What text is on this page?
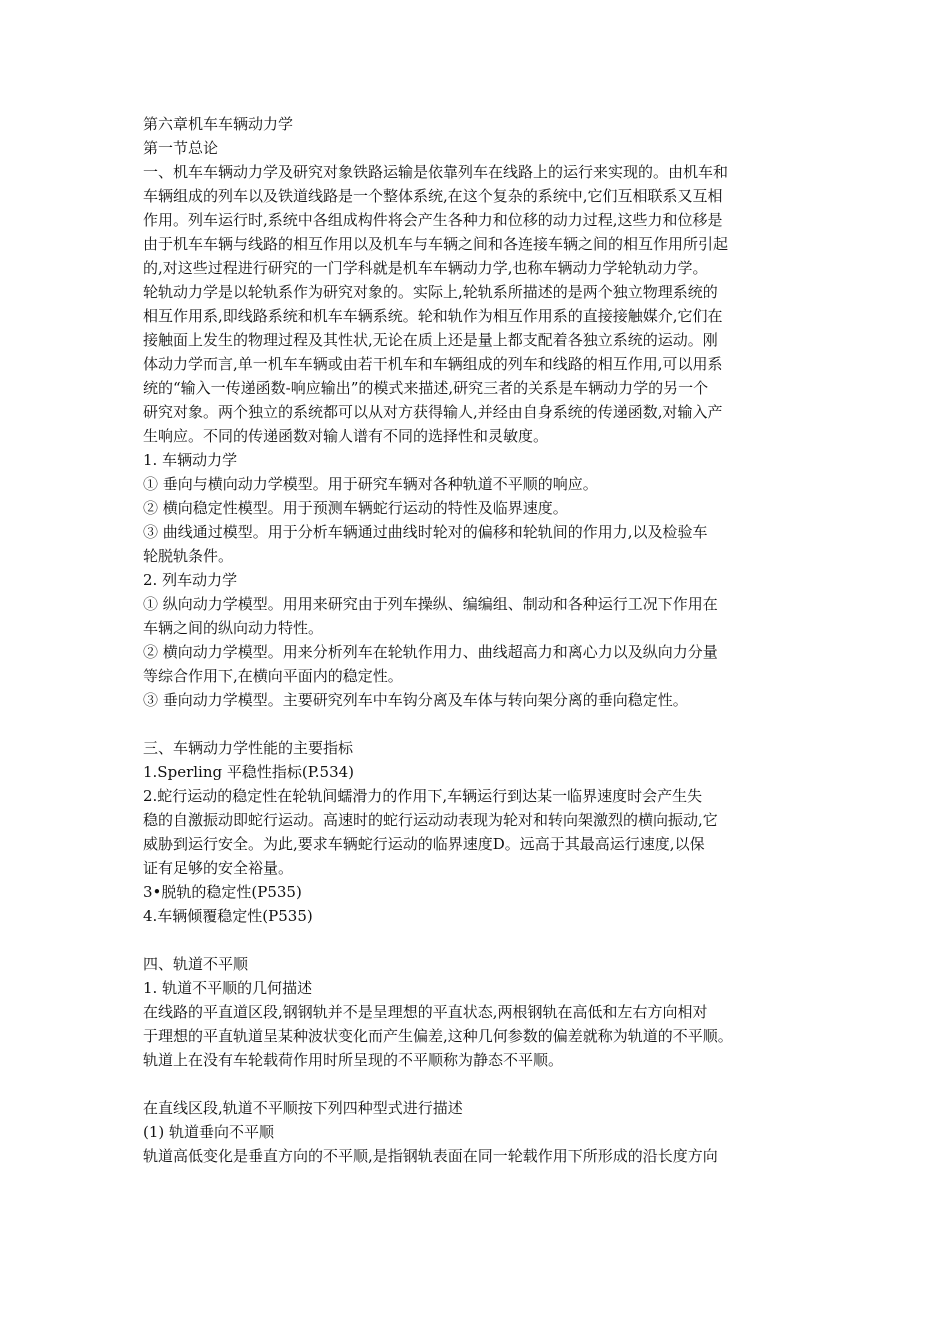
第六章机车车辆动力学
第一节总论
一、机车车辆动力学及研究对象铁路运输是依靠列车在线路上的运行来实现的。由机车和
车辆组成的列车以及铁道线路是一个整体系统,在这个复杂的系统中,它们互相联系又互相
作用。列车运行时,系统中各组成构件将会产生各种力和位移的动力过程,这些力和位移是
由于机车车辆与线路的相互作用以及机车与车辆之间和各连接车辆之间的相互作用所引起
的,对这些过程进行研究的一门学科就是机车车辆动力学,也称车辆动力学轮轨动力学。
轮轨动力学是以轮轨系作为研究对象的。实际上,轮轨系所描述的是两个独立物理系统的
相互作用系,即线路系统和机车车辆系统。轮和轨作为相互作用系的直接接触媒介,它们在
接触面上发生的物理过程及其性状,无论在质上还是量上都支配着各独立系统的运动。刚
体动力学而言,单一机车车辆或由若干机车和车辆组成的列车和线路的相互作用,可以用系
统的“输入一传递函数-响应输出”的模式来描述,研究三者的关系是车辆动力学的另一个
研究对象。两个独立的系统都可以从对方获得输人,并经由自身系统的传递函数,对输入产
生响应。不同的传递函数对输人谱有不同的选择性和灵敏度。
1. 车辆动力学
① 垂向与横向动力学模型。用于研究车辆对各种轨道不平顺的响应。
② 横向稳定性模型。用于预测车辆蛇行运动的特性及临界速度。
③ 曲线通过模型。用于分析车辆通过曲线时轮对的偏移和轮轨间的作用力,以及检验车
轮脱轨条件。
2. 列车动力学
① 纵向动力学模型。用用来研究由于列车操纵、编编组、制动和各种运行工况下作用在
车辆之间的纵向动力特性。
② 横向动力学模型。用来分析列车在轮轨作用力、曲线超高力和离心力以及纵向力分量
等综合作用下,在横向平面内的稳定性。
③ 垂向动力学模型。主要研究列车中车钩分离及车体与转向架分离的垂向稳定性。
三、车辆动力学性能的主要指标
1.Sperling 平稳性指标(P.534)
2.蛇行运动的稳定性在轮轨间蠕滑力的作用下,车辆运行到达某一临界速度时会产生失
稳的自激振动即蛇行运动。高速时的蛇行运动动表现为轮对和转向架激烈的横向振动,它
威胁到运行安全。为此,要求车辆蛇行运动的临界速度D。远高于其最高运行速度,以保
证有足够的安全裕量。
3•脱轨的稳定性(P535)
4.车辆倾覆稳定性(P535)
四、轨道不平顺
1. 轨道不平顺的几何描述
在线路的平直道区段,钢钢轨并不是呈理想的平直状态,两根钢轨在高低和左右方向相对
于理想的平直轨道呈某种波状变化而产生偏差,这种几何参数的偏差就称为轨道的不平顺。
轨道上在没有车轮载荷作用时所呈现的不平顺称为静态不平顺。
在直线区段,轨道不平顺按下列四种型式进行描述
(1) 轨道垂向不平顺
轨道高低变化是垂直方向的不平顺,是指钢轨表面在同一轮载作用下所形成的沿长度方向
